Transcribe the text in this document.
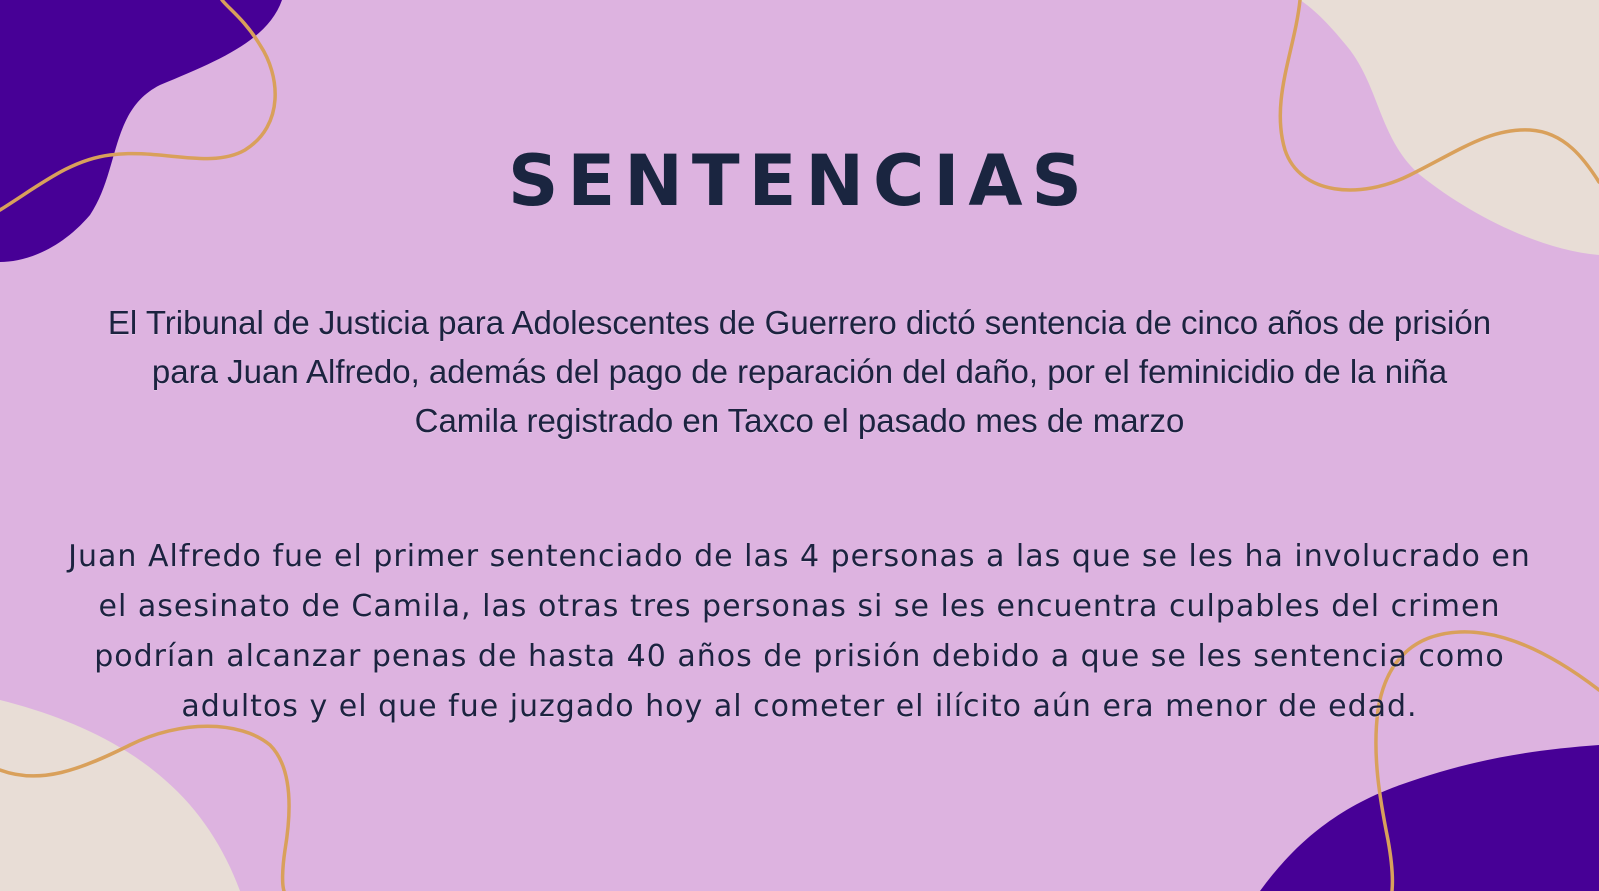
SENTENCIAS

El Tribunal de Justicia para Adolescentes de Guerrero dictó sentencia de cinco años de prisión
para Juan Alfredo, además del pago de reparación del daño, por el feminicidio de la niña
Camila registrado en Taxco el pasado mes de marzo

Juan Alfredo fue el primer sentenciado de las 4 personas a las que se les ha involucrado en
el asesinato de Camila, las otras tres personas si se les encuentra culpables del crimen
podrían alcanzar penas de hasta 40 años de prisión debido a que se les sentencia como
adultos y el que fue juzgado hoy al cometer el ilícito aún era menor de edad.
